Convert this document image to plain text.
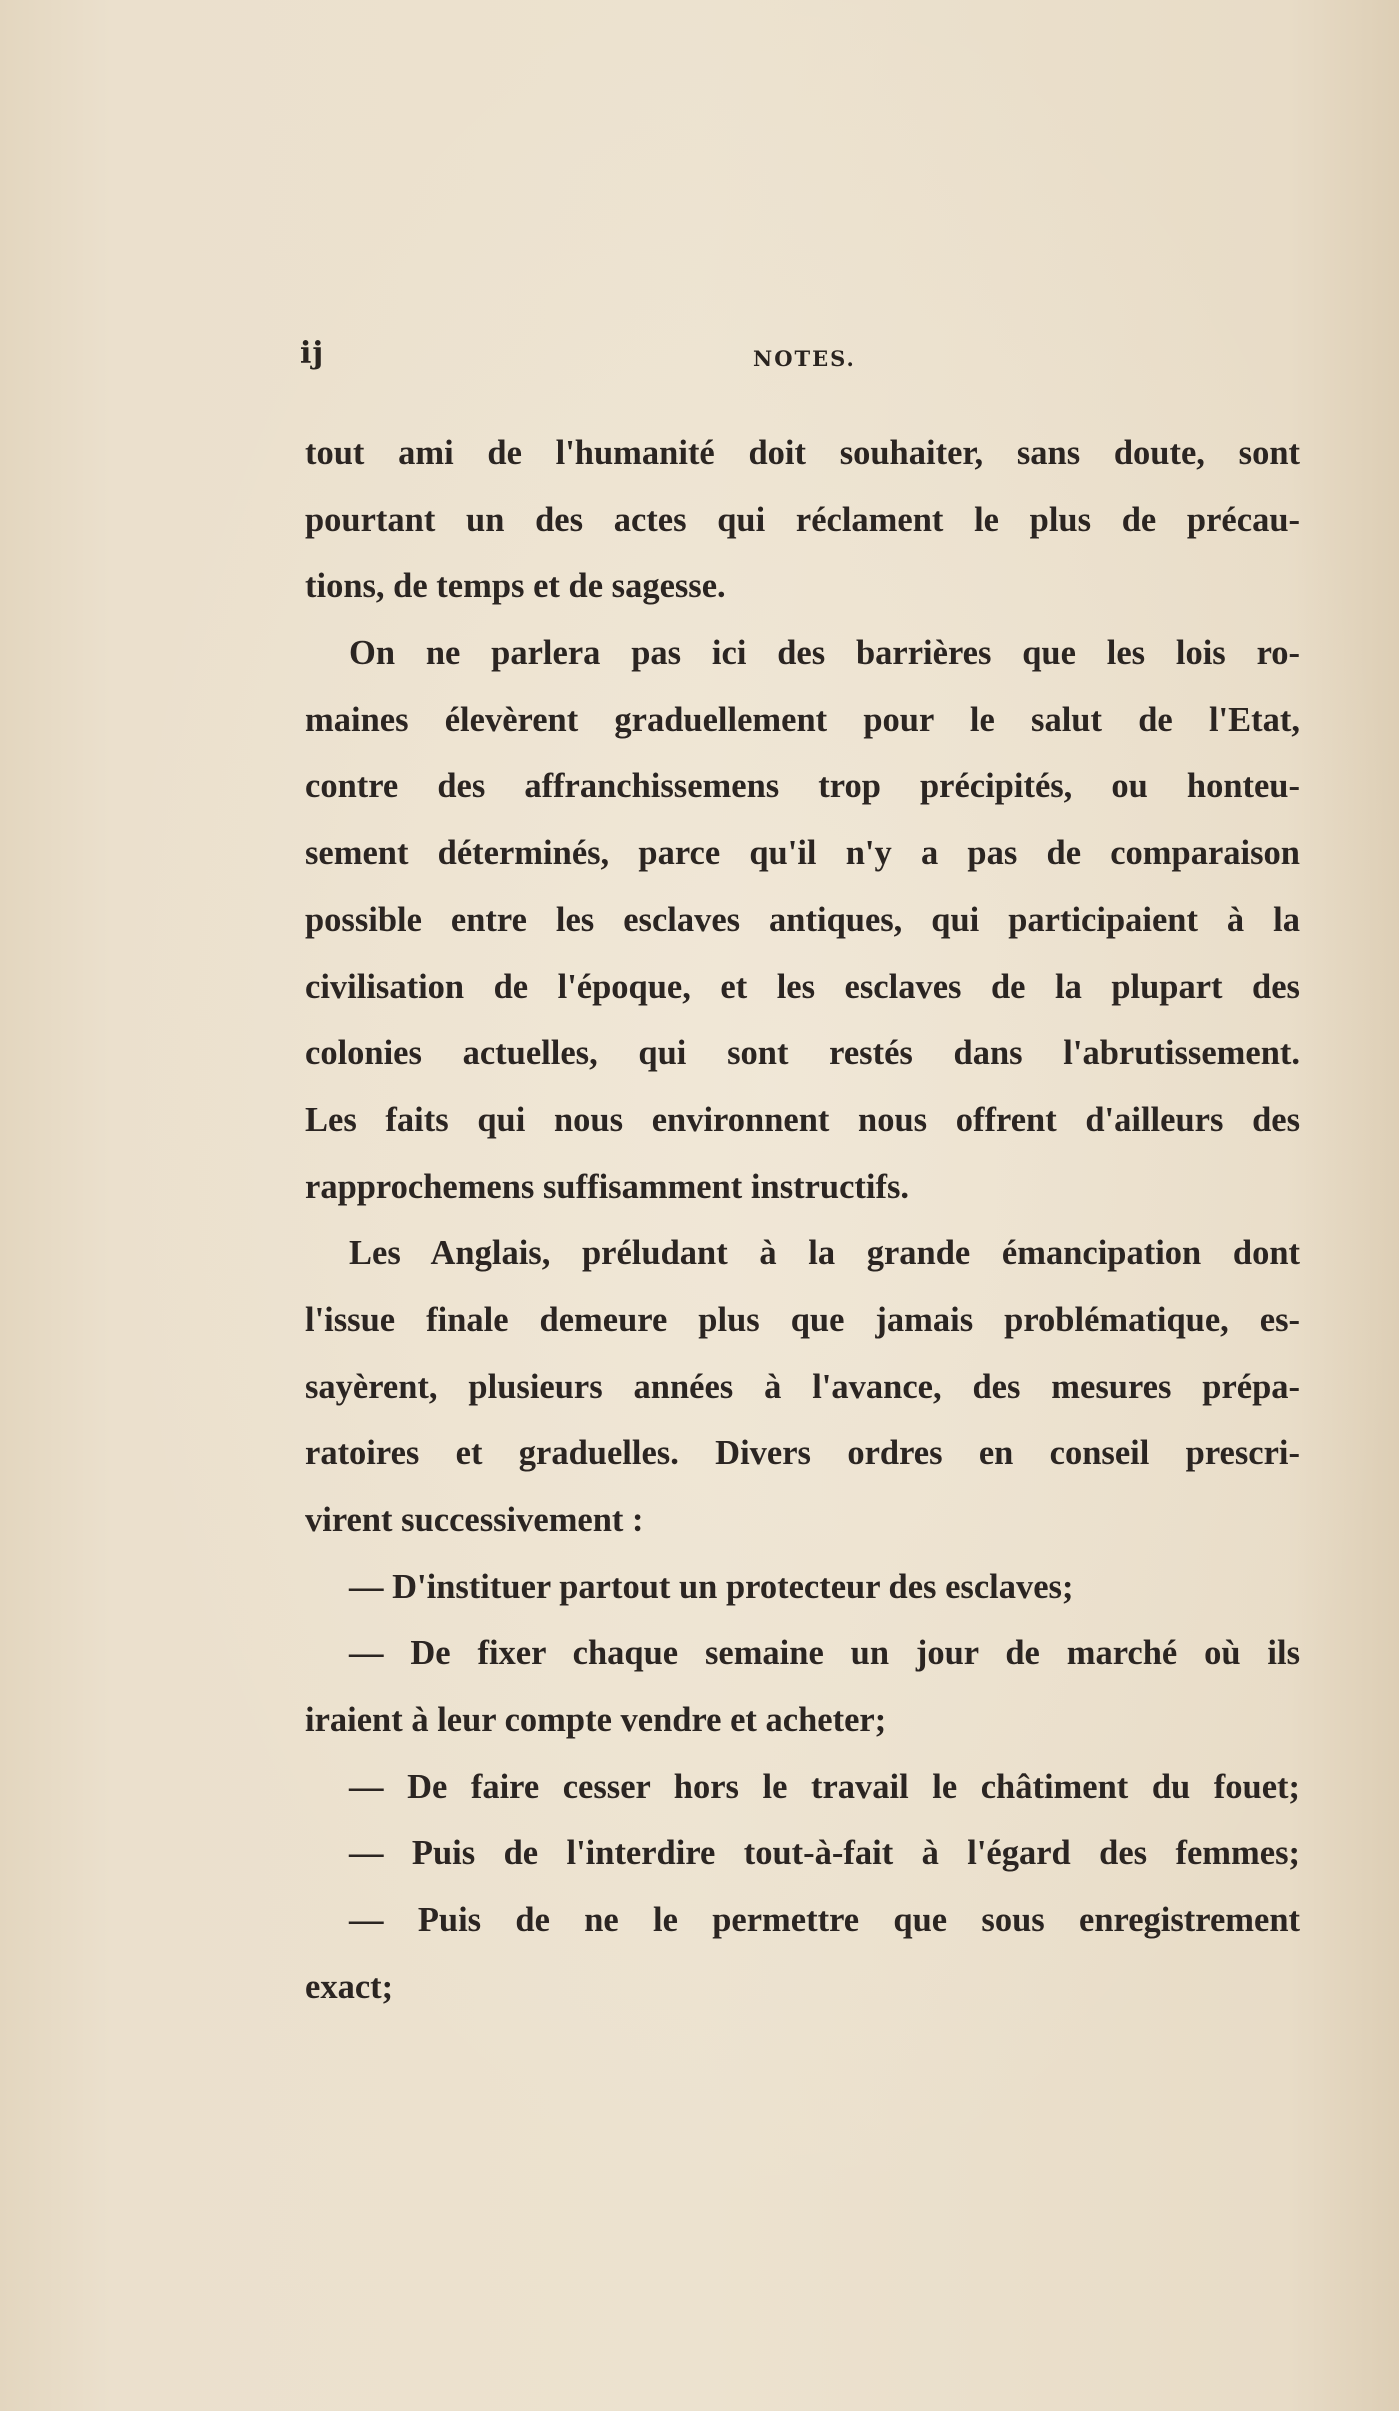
ij	NOTES.
tout ami de l'humanité doit souhaiter, sans doute, sont
pourtant un des actes qui réclament le plus de précau-
tions, de temps et de sagesse.
On ne parlera pas ici des barrières que les lois ro-
maines élevèrent graduellement pour le salut de l'Etat,
contre des affranchissemens trop précipités, ou honteu-
sement déterminés, parce qu'il n'y a pas de comparaison
possible entre les esclaves antiques, qui participaient à la
civilisation de l'époque, et les esclaves de la plupart des
colonies actuelles, qui sont restés dans l'abrutissement.
Les faits qui nous environnent nous offrent d'ailleurs des
rapprochemens suffisamment instructifs.
Les Anglais, préludant à la grande émancipation dont
l'issue finale demeure plus que jamais problématique, es-
sayèrent, plusieurs années à l'avance, des mesures prépa-
ratoires et graduelles. Divers ordres en conseil prescri-
virent successivement :
— D'instituer partout un protecteur des esclaves;
— De fixer chaque semaine un jour de marché où ils
iraient à leur compte vendre et acheter;
— De faire cesser hors le travail le châtiment du fouet;
— Puis de l'interdire tout-à-fait à l'égard des femmes;
— Puis de ne le permettre que sous enregistrement
exact;
